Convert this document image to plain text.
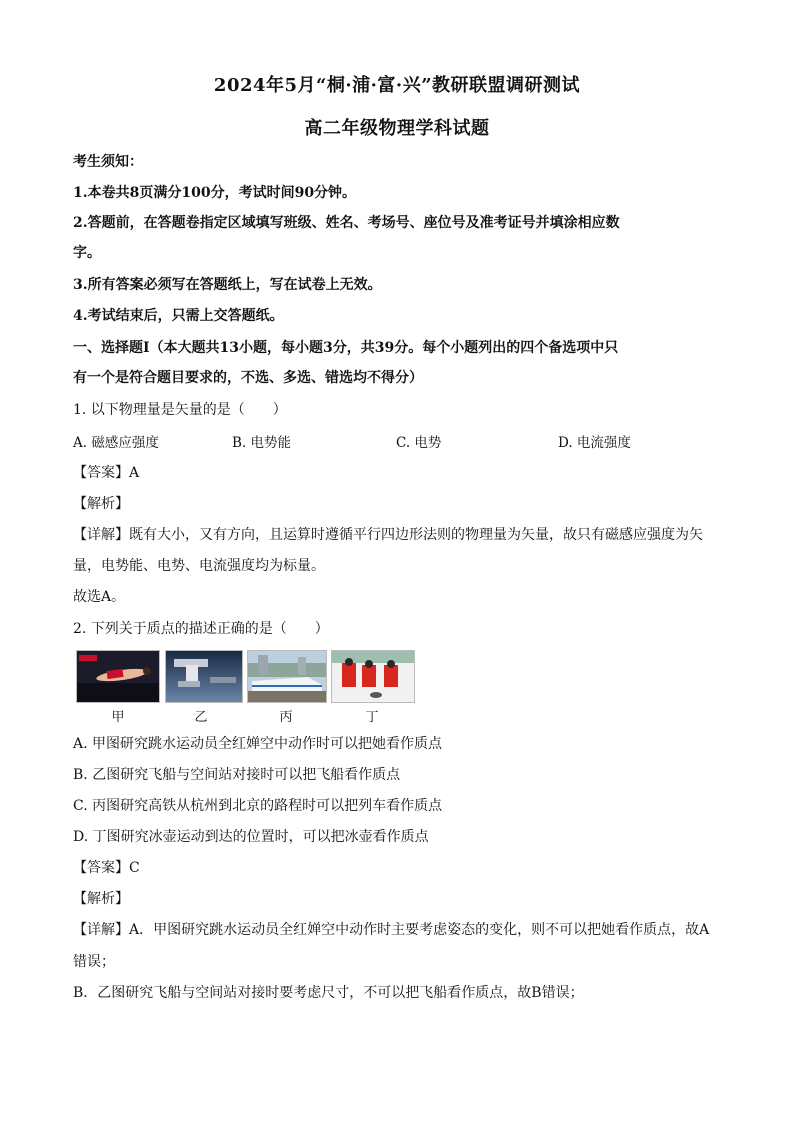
2024年5月“桐·浦·富·兴”教研联盟调研测试
高二年级物理学科试题
考生须知：
1.本卷共8页满分100分，考试时间90分钟。
2.答题前，在答题卷指定区域填写班级、姓名、考场号、座位号及准考证号并填涂相应数
字。
3.所有答案必须写在答题纸上，写在试卷上无效。
4.考试结束后，只需上交答题纸。
一、选择题Ⅰ（本大题共13小题，每小题3分，共39分。每个小题列出的四个备选项中只
有一个是符合题目要求的，不选、多选、错选均不得分）
1. 以下物理量是矢量的是（　　）
A. 磁感应强度	B. 电势能	C. 电势	D. 电流强度
【答案】A
【解析】
【详解】既有大小，又有方向，且运算时遵循平行四边形法则的物理量为矢量，故只有磁感应强度为矢
量，电势能、电势、电流强度均为标量。
故选A。
2. 下列关于质点的描述正确的是（　　）
甲	乙	丙	丁
A. 甲图研究跳水运动员全红婵空中动作时可以把她看作质点
B. 乙图研究飞船与空间站对接时可以把飞船看作质点
C. 丙图研究高铁从杭州到北京的路程时可以把列车看作质点
D. 丁图研究冰壶运动到达的位置时，可以把冰壶看作质点
【答案】C
【解析】
【详解】A．甲图研究跳水运动员全红婵空中动作时主要考虑姿态的变化，则不可以把她看作质点，故A
错误；
B．乙图研究飞船与空间站对接时要考虑尺寸，不可以把飞船看作质点，故B错误；
